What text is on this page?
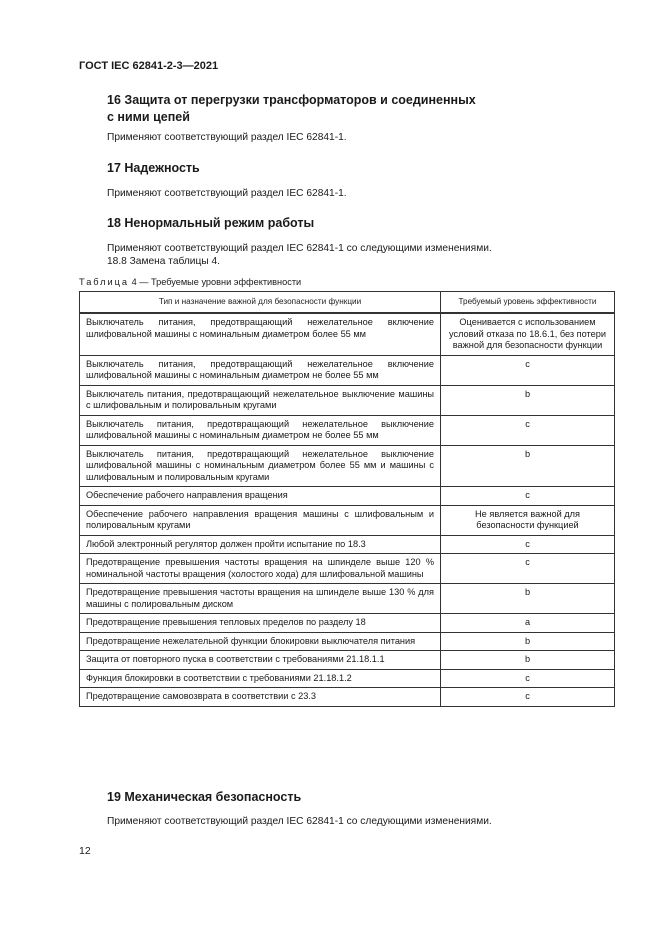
ГОСТ IEC 62841-2-3—2021
16 Защита от перегрузки трансформаторов и соединенных
с ними цепей
Применяют соответствующий раздел IEC 62841-1.
17 Надежность
Применяют соответствующий раздел IEC 62841-1.
18 Ненормальный режим работы
Применяют соответствующий раздел IEC 62841-1 со следующими изменениями.
18.8 Замена таблицы 4.
Таблица 4 — Требуемые уровни эффективности
Тип и назначение важной для безопасности функции	Требуемый уровень эффективности
Выключатель питания, предотвращающий нежелательное включение шлифовальной машины с номинальным диаметром более 55 мм	Оценивается с использованием условий отказа по 18.6.1, без потери важной для безопасности функции
Выключатель питания, предотвращающий нежелательное включение шлифовальной машины с номинальным диаметром не более 55 мм	c
Выключатель питания, предотвращающий нежелательное выключение машины с шлифовальным и полировальным кругами	b
Выключатель питания, предотвращающий нежелательное выключение шлифовальной машины с номинальным диаметром не более 55 мм	c
Выключатель питания, предотвращающий нежелательное выключение шлифовальной машины с номинальным диаметром более 55 мм и машины с шлифовальным и полировальным кругами	b
Обеспечение рабочего направления вращения	c
Обеспечение рабочего направления вращения машины с шлифовальным и полировальным кругами	Не является важной для безопасности функцией
Любой электронный регулятор должен пройти испытание по 18.3	c
Предотвращение превышения частоты вращения на шпинделе выше 120 % номинальной частоты вращения (холостого хода) для шлифовальной машины	c
Предотвращение превышения частоты вращения на шпинделе выше 130 % для машины с полировальным диском	b
Предотвращение превышения тепловых пределов по разделу 18	a
Предотвращение нежелательной функции блокировки выключателя питания	b
Защита от повторного пуска в соответствии с требованиями 21.18.1.1	b
Функция блокировки в соответствии с требованиями 21.18.1.2	c
Предотвращение самовозврата в соответствии с 23.3	c
19 Механическая безопасность
Применяют соответствующий раздел IEC 62841-1 со следующими изменениями.
12
